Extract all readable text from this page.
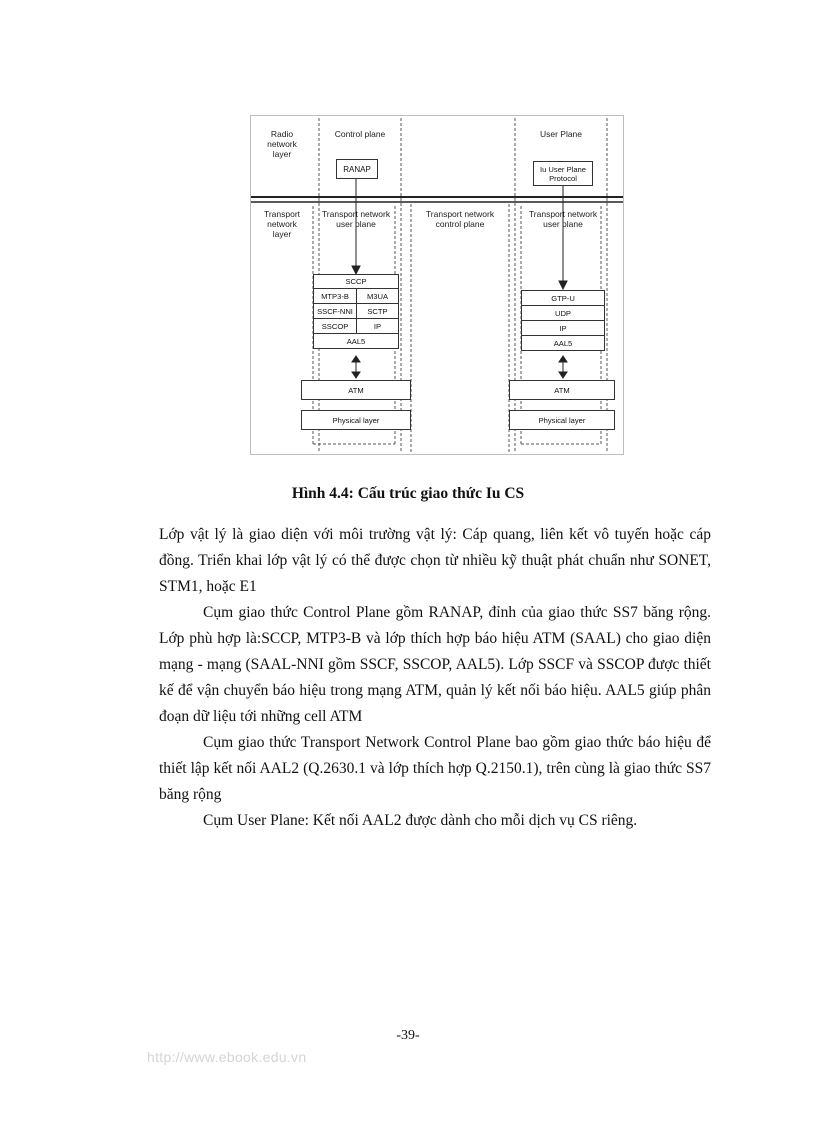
Radio network layer
Transport network layer
Control plane	User Plane
RANAP	Iu User Plane Protocol
Transport network user plane
Transport network control plane
Transport network user plane
SCCP
MTP3-B	M3UA
SSCF-NNI	SCTP
SSCOP	IP
AAL5
ATM
Physical layer
GTP-U
UDP
IP
AAL5
ATM
Physical layer
Hình 4.4: Cấu trúc giao thức Iu CS

Lớp vật lý là giao diện với môi trường vật lý: Cáp quang, liên kết vô tuyến hoặc cáp đồng. Triển khai lớp vật lý có thể được chọn từ nhiều kỹ thuật phát chuẩn như SONET, STM1, hoặc E1

Cụm giao thức Control Plane gồm RANAP, đỉnh của giao thức SS7 băng rộng. Lớp phù hợp là:SCCP, MTP3-B và lớp thích hợp báo hiệu ATM (SAAL) cho giao diện mạng - mạng (SAAL-NNI gồm SSCF, SSCOP, AAL5). Lớp SSCF và SSCOP được thiết kế để vận chuyển báo hiệu trong mạng ATM, quản lý kết nối báo hiệu. AAL5 giúp phân đoạn dữ liệu tới những cell ATM

Cụm giao thức Transport Network Control Plane bao gồm giao thức báo hiệu để thiết lập kết nối AAL2 (Q.2630.1 và lớp thích hợp Q.2150.1), trên cùng là giao thức SS7 băng rộng

Cụm User Plane: Kết nối AAL2 được dành cho mỗi dịch vụ CS riêng.

-39-
http://www.ebook.edu.vn
